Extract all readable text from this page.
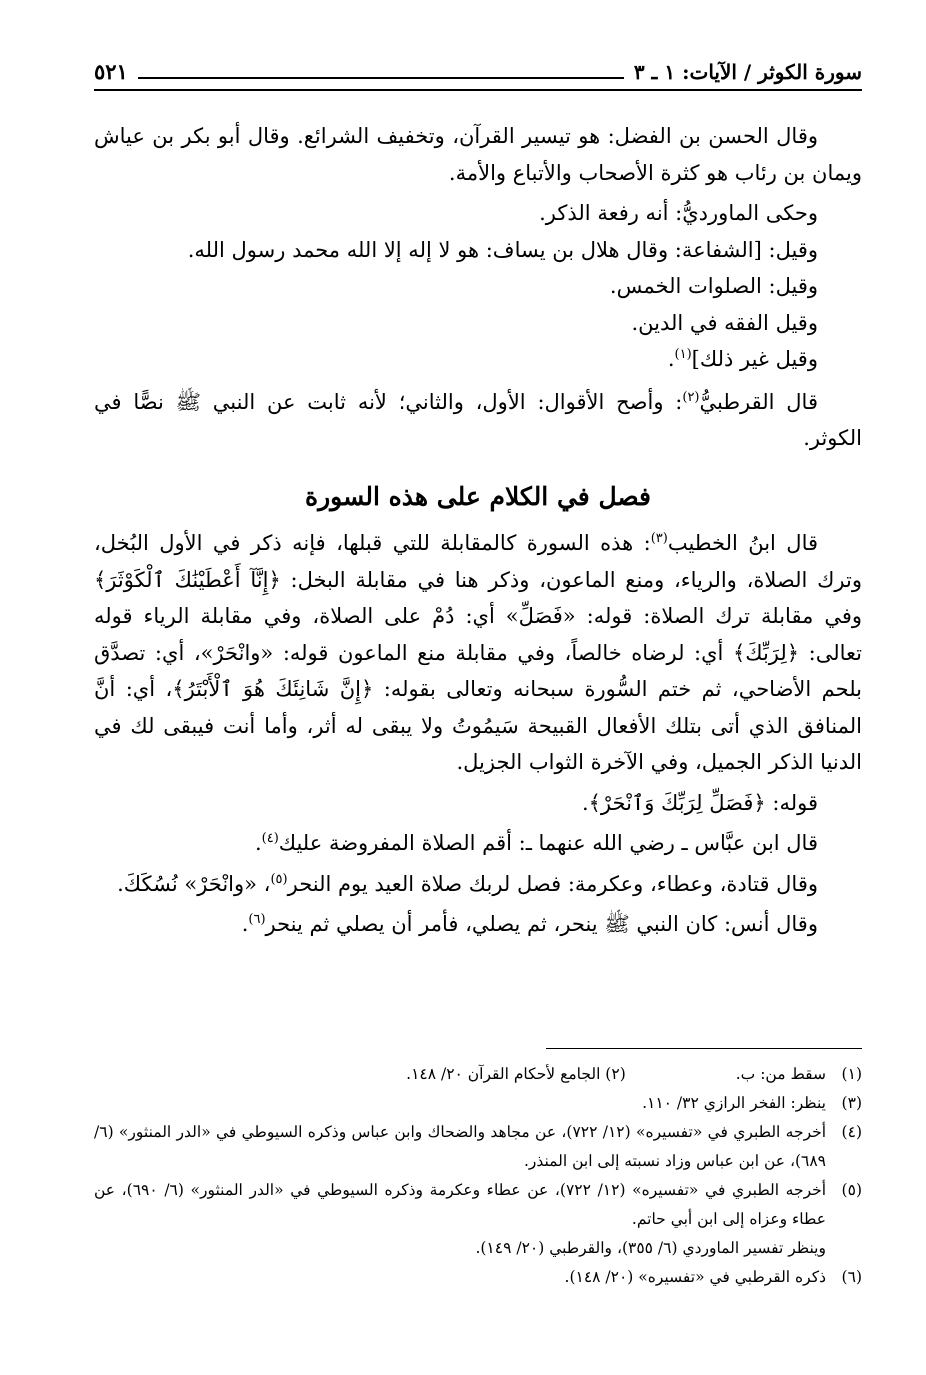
سورة الكوثر / الآيات: ١ ـ ٣
٥٢١

وقال الحسن بن الفضل: هو تيسير القرآن، وتخفيف الشرائع. وقال أبو بكر بن عياش ويمان بن رئاب هو كثرة الأصحاب والأتباع والأمة.

وحكى الماورديُّ: أنه رفعة الذكر.

وقيل: [الشفاعة: وقال هلال بن يساف: هو لا إله إلا الله محمد رسول الله.

وقيل: الصلوات الخمس.

وقيل الفقه في الدين.

وقيل غير ذلك]$^{(١)}$.

قال القرطبيُّ$^{(٢)}$: وأصح الأقوال: الأول، والثاني؛ لأنه ثابت عن النبي ﷺ نصًّا في الكوثر.

فصل في الكلام على هذه السورة

قال ابنُ الخطيب$^{(٣)}$: هذه السورة كالمقابلة للتي قبلها، فإنه ذكر في الأول البُخل، وترك الصلاة، والرياء، ومنع الماعون، وذكر هنا في مقابلة البخل: ﴿إِنَّآ أَعْطَيْنَٰكَ ٱلْكَوْثَرَ﴾ وفي مقابلة ترك الصلاة: قوله: «فَصَلِّ» أي: دُمْ على الصلاة، وفي مقابلة الرياء قوله تعالى: ﴿لِرَبِّكَ﴾ أي: لرضاه خالصاً، وفي مقابلة منع الماعون قوله: «وانْحَرْ»، أي: تصدَّق بلحم الأضاحي، ثم ختم السُّورة سبحانه وتعالى بقوله: ﴿إِنَّ شَانِئَكَ هُوَ ٱلْأَبْتَرُ﴾، أي: أنَّ المنافق الذي أتى بتلك الأفعال القبيحة سَيمُوتُ ولا يبقى له أثر، وأما أنت فيبقى لك في الدنيا الذكر الجميل، وفي الآخرة الثواب الجزيل.

قوله: ﴿فَصَلِّ لِرَبِّكَ وَٱنْحَرْ﴾.

قال ابن عبَّاس ـ رضي الله عنهما ـ: أقم الصلاة المفروضة عليك$^{(٤)}$.

وقال قتادة، وعطاء، وعكرمة: فصل لربك صلاة العيد يوم النحر$^{(٥)}$، «وانْحَرْ» نُسُكَكَ.

وقال أنس: كان النبي ﷺ ينحر، ثم يصلي، فأمر أن يصلي ثم ينحر$^{(٦)}$.

(١)
سقط من: ب.(٢) الجامع لأحكام القرآن ٢٠/ ١٤٨.
(٣)
ينظر: الفخر الرازي ٣٢/ ١١٠.
(٤)
أخرجه الطبري في «تفسيره» (١٢/ ٧٢٢)، عن مجاهد والضحاك وابن عباس وذكره السيوطي في «الدر المنثور» (٦/ ٦٨٩)، عن ابن عباس وزاد نسبته إلى ابن المنذر.
(٥)
أخرجه الطبري في «تفسيره» (١٢/ ٧٢٢)، عن عطاء وعكرمة وذكره السيوطي في «الدر المنثور» (٦/ ٦٩٠)، عن عطاء وعزاه إلى ابن أبي حاتم.
وينظر تفسير الماوردي (٦/ ٣٥٥)، والقرطبي (٢٠/ ١٤٩).
(٦)
ذكره القرطبي في «تفسيره» (٢٠/ ١٤٨).
